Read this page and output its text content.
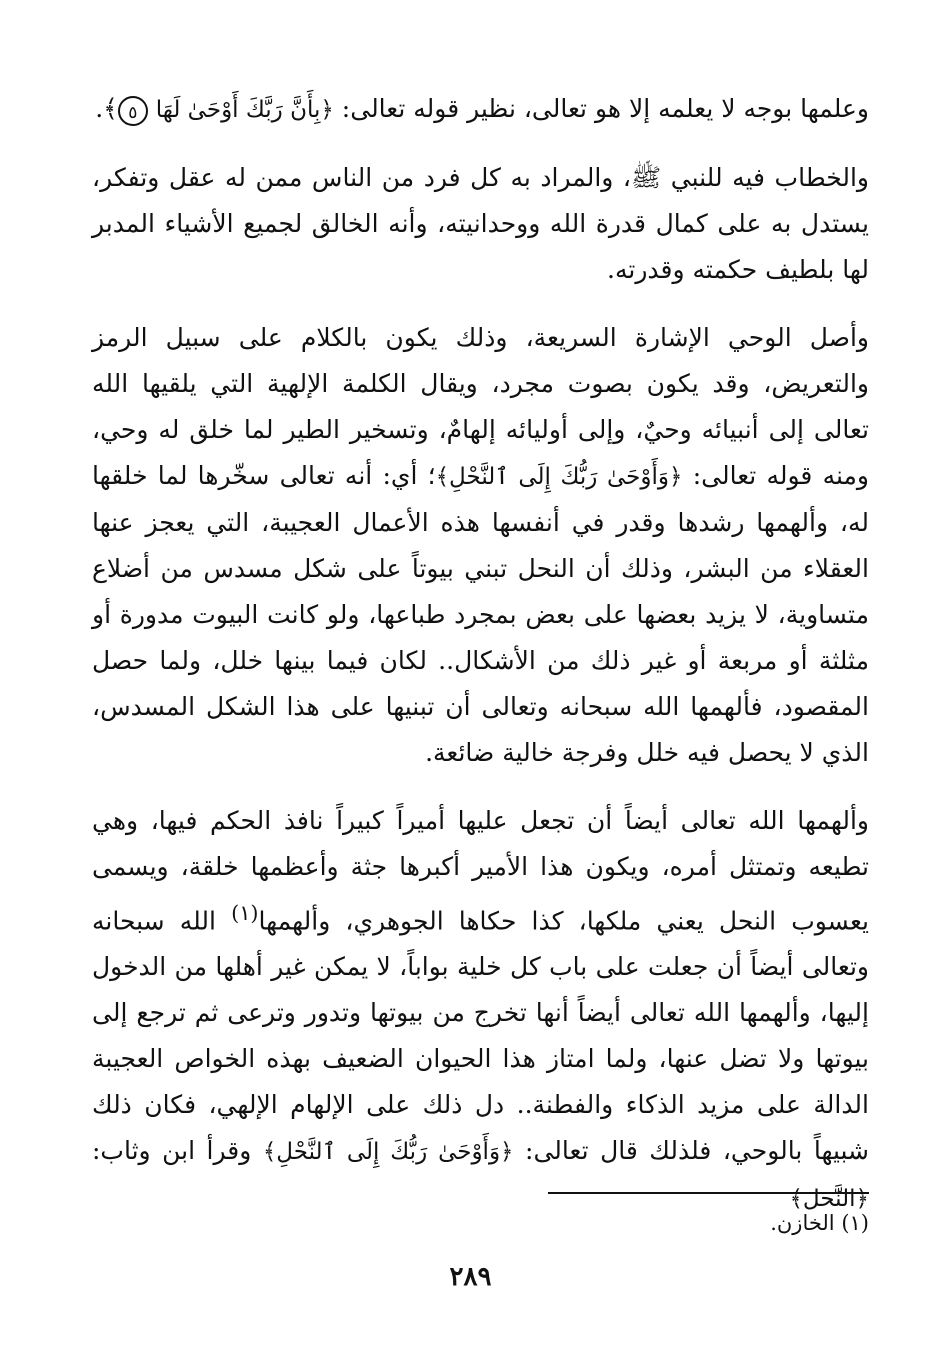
وعلمها بوجه لا يعلمه إلا هو تعالى، نظير قوله تعالى: ﴿بِأَنَّ رَبَّكَ أَوْحَىٰ لَهَا ٥﴾.

والخطاب فيه للنبي ﷺ، والمراد به كل فرد من الناس ممن له عقل وتفكر، يستدل به على كمال قدرة الله ووحدانيته، وأنه الخالق لجميع الأشياء المدبر لها بلطيف حكمته وقدرته.

وأصل الوحي الإشارة السريعة، وذلك يكون بالكلام على سبيل الرمز والتعريض، وقد يكون بصوت مجرد، ويقال الكلمة الإلهية التي يلقيها الله تعالى إلى أنبيائه وحيٌ، وإلى أوليائه إلهامٌ، وتسخير الطير لما خلق له وحي، ومنه قوله تعالى: ﴿وَأَوْحَىٰ رَبُّكَ إِلَى ٱلنَّحْلِ﴾؛ أي: أنه تعالى سخّرها لما خلقها له، وألهمها رشدها وقدر في أنفسها هذه الأعمال العجيبة، التي يعجز عنها العقلاء من البشر، وذلك أن النحل تبني بيوتاً على شكل مسدس من أضلاع متساوية، لا يزيد بعضها على بعض بمجرد طباعها، ولو كانت البيوت مدورة أو مثلثة أو مربعة أو غير ذلك من الأشكال.. لكان فيما بينها خلل، ولما حصل المقصود، فألهمها الله سبحانه وتعالى أن تبنيها على هذا الشكل المسدس، الذي لا يحصل فيه خلل وفرجة خالية ضائعة.

وألهمها الله تعالى أيضاً أن تجعل عليها أميراً كبيراً نافذ الحكم فيها، وهي تطيعه وتمتثل أمره، ويكون هذا الأمير أكبرها جثة وأعظمها خلقة، ويسمى يعسوب النحل يعني ملكها، كذا حكاها الجوهري، وألهمها$^{(١)}$ الله سبحانه وتعالى أيضاً أن جعلت على باب كل خلية بواباً، لا يمكن غير أهلها من الدخول إليها، وألهمها الله تعالى أيضاً أنها تخرج من بيوتها وتدور وترعى ثم ترجع إلى بيوتها ولا تضل عنها، ولما امتاز هذا الحيوان الضعيف بهذه الخواص العجيبة الدالة على مزيد الذكاء والفطنة.. دل ذلك على الإلهام الإلهي، فكان ذلك شبيهاً بالوحي، فلذلك قال تعالى: ﴿وَأَوْحَىٰ رَبُّكَ إِلَى ٱلنَّحْلِ﴾ وقرأ ابن وثاب: ﴿النَّحل﴾

(١) الخازن.

٢٨٩
